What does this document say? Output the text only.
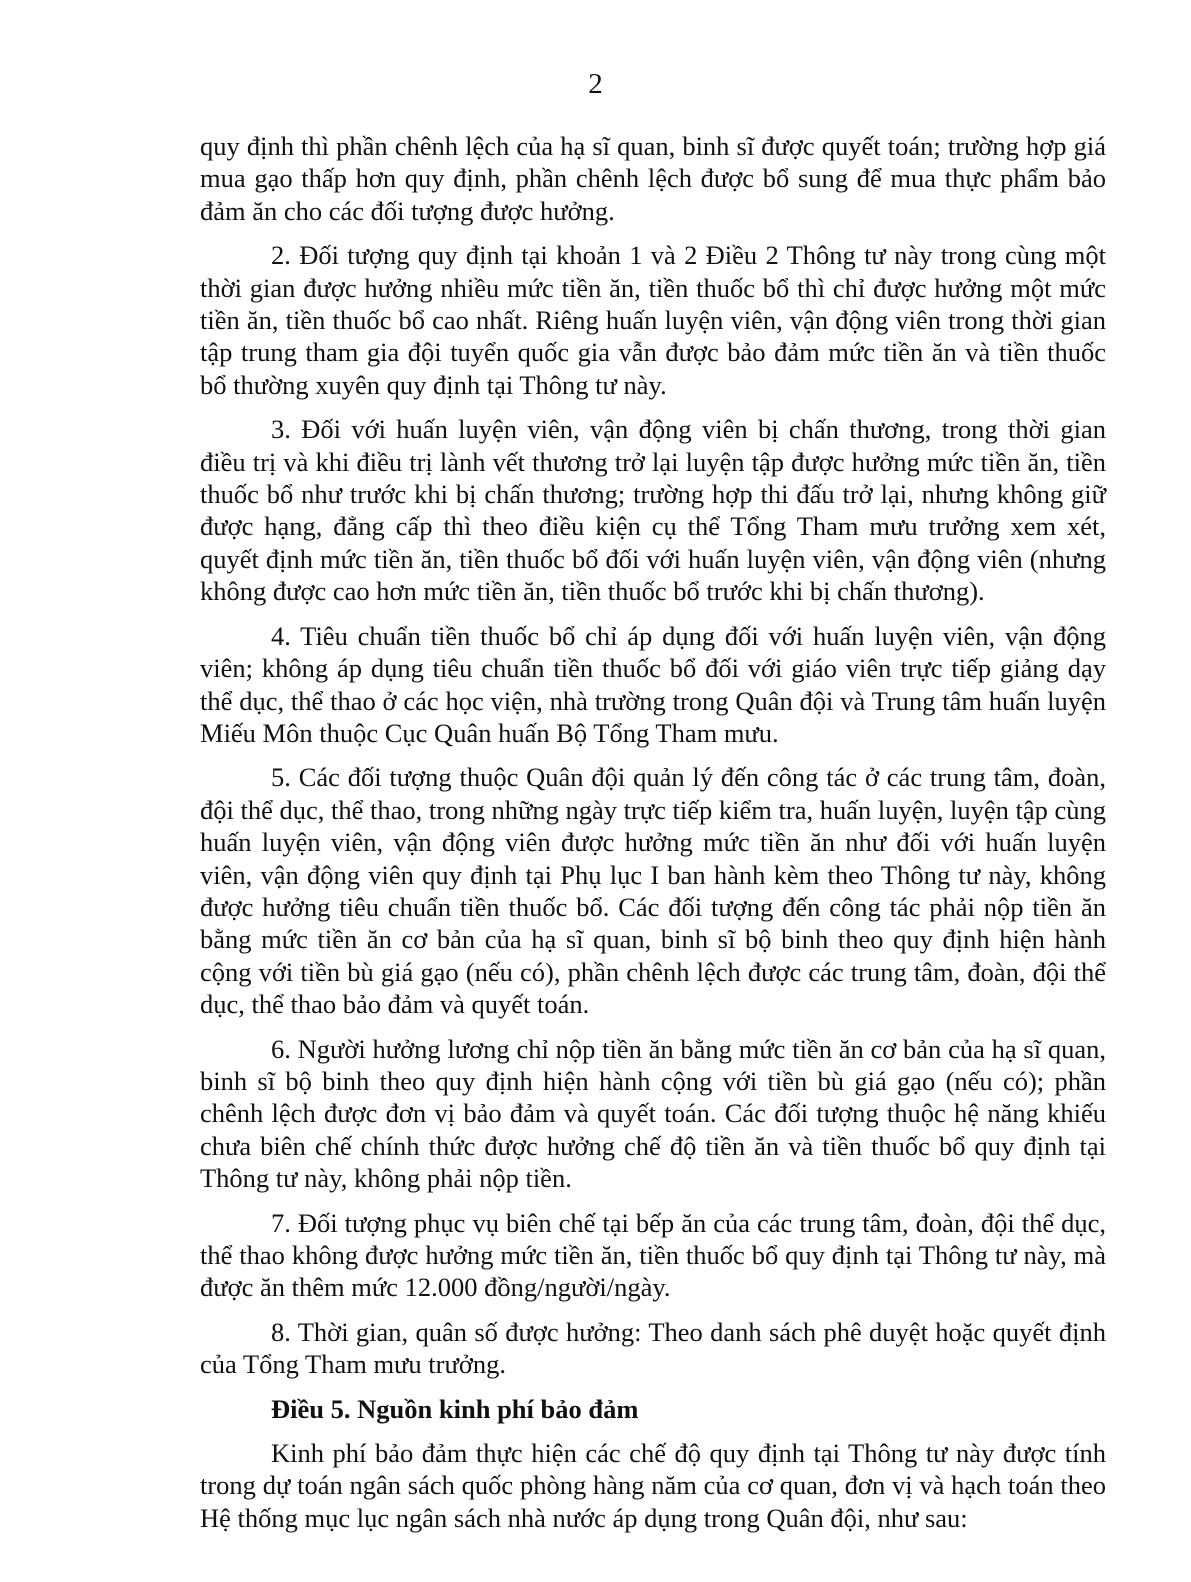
2

quy định thì phần chênh lệch của hạ sĩ quan, binh sĩ được quyết toán; trường hợp giá mua gạo thấp hơn quy định, phần chênh lệch được bổ sung để mua thực phẩm bảo đảm ăn cho các đối tượng được hưởng.

2. Đối tượng quy định tại khoản 1 và 2 Điều 2 Thông tư này trong cùng một thời gian được hưởng nhiều mức tiền ăn, tiền thuốc bổ thì chỉ được hưởng một mức tiền ăn, tiền thuốc bổ cao nhất. Riêng huấn luyện viên, vận động viên trong thời gian tập trung tham gia đội tuyển quốc gia vẫn được bảo đảm mức tiền ăn và tiền thuốc bổ thường xuyên quy định tại Thông tư này.

3. Đối với huấn luyện viên, vận động viên bị chấn thương, trong thời gian điều trị và khi điều trị lành vết thương trở lại luyện tập được hưởng mức tiền ăn, tiền thuốc bổ như trước khi bị chấn thương; trường hợp thi đấu trở lại, nhưng không giữ được hạng, đẳng cấp thì theo điều kiện cụ thể Tổng Tham mưu trưởng xem xét, quyết định mức tiền ăn, tiền thuốc bổ đối với huấn luyện viên, vận động viên (nhưng không được cao hơn mức tiền ăn, tiền thuốc bổ trước khi bị chấn thương).

4. Tiêu chuẩn tiền thuốc bổ chỉ áp dụng đối với huấn luyện viên, vận động viên; không áp dụng tiêu chuẩn tiền thuốc bổ đối với giáo viên trực tiếp giảng dạy thể dục, thể thao ở các học viện, nhà trường trong Quân đội và Trung tâm huấn luyện Miếu Môn thuộc Cục Quân huấn Bộ Tổng Tham mưu.

5. Các đối tượng thuộc Quân đội quản lý đến công tác ở các trung tâm, đoàn, đội thể dục, thể thao, trong những ngày trực tiếp kiểm tra, huấn luyện, luyện tập cùng huấn luyện viên, vận động viên được hưởng mức tiền ăn như đối với huấn luyện viên, vận động viên quy định tại Phụ lục I ban hành kèm theo Thông tư này, không được hưởng tiêu chuẩn tiền thuốc bổ. Các đối tượng đến công tác phải nộp tiền ăn bằng mức tiền ăn cơ bản của hạ sĩ quan, binh sĩ bộ binh theo quy định hiện hành cộng với tiền bù giá gạo (nếu có), phần chênh lệch được các trung tâm, đoàn, đội thể dục, thể thao bảo đảm và quyết toán.

6. Người hưởng lương chỉ nộp tiền ăn bằng mức tiền ăn cơ bản của hạ sĩ quan, binh sĩ bộ binh theo quy định hiện hành cộng với tiền bù giá gạo (nếu có); phần chênh lệch được đơn vị bảo đảm và quyết toán. Các đối tượng thuộc hệ năng khiếu chưa biên chế chính thức được hưởng chế độ tiền ăn và tiền thuốc bổ quy định tại Thông tư này, không phải nộp tiền.

7. Đối tượng phục vụ biên chế tại bếp ăn của các trung tâm, đoàn, đội thể dục, thể thao không được hưởng mức tiền ăn, tiền thuốc bổ quy định tại Thông tư này, mà được ăn thêm mức 12.000 đồng/người/ngày.

8. Thời gian, quân số được hưởng: Theo danh sách phê duyệt hoặc quyết định của Tổng Tham mưu trưởng.

Điều 5. Nguồn kinh phí bảo đảm

Kinh phí bảo đảm thực hiện các chế độ quy định tại Thông tư này được tính trong dự toán ngân sách quốc phòng hàng năm của cơ quan, đơn vị và hạch toán theo Hệ thống mục lục ngân sách nhà nước áp dụng trong Quân đội, như sau:
